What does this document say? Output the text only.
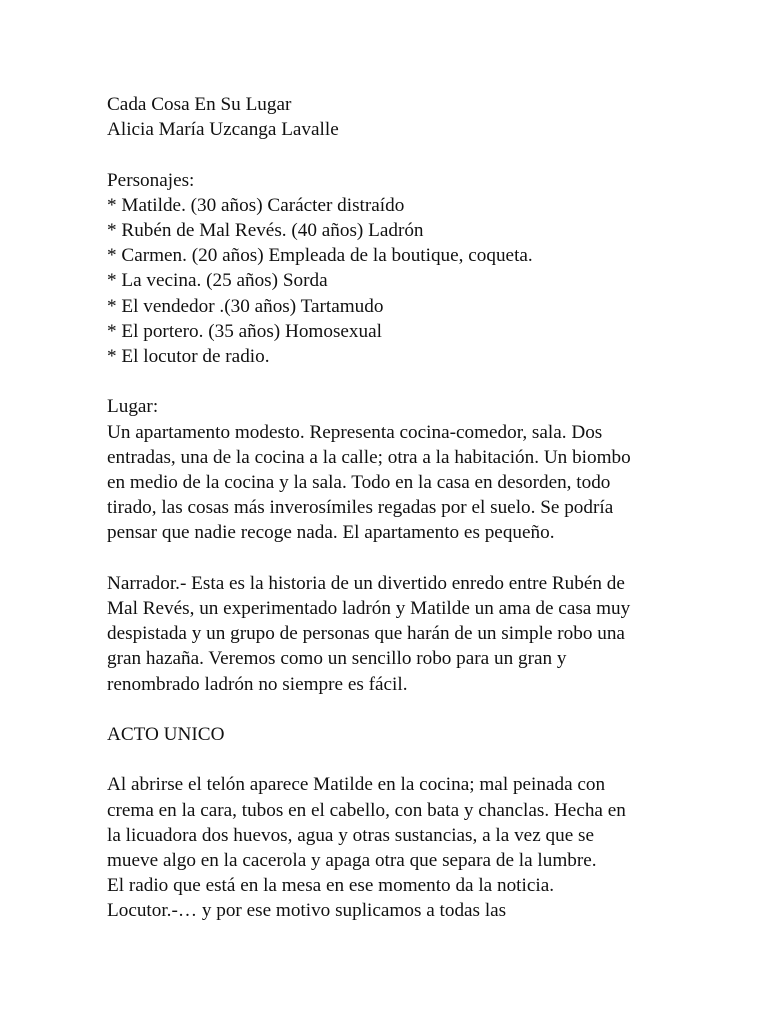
Cada Cosa En Su Lugar
Alicia María Uzcanga Lavalle
Personajes:
* Matilde. (30 años) Carácter distraído
* Rubén de Mal Revés. (40 años) Ladrón
* Carmen. (20 años) Empleada de la boutique, coqueta.
* La vecina. (25 años) Sorda
* El vendedor .(30 años) Tartamudo
* El portero. (35 años) Homosexual
* El locutor de radio.
Lugar:
Un apartamento modesto. Representa cocina-comedor, sala. Dos
entradas, una de la cocina a la calle; otra a la habitación. Un biombo
en medio de la cocina y la sala. Todo en la casa en desorden, todo
tirado, las cosas más inverosímiles regadas por el suelo. Se podría
pensar que nadie recoge nada. El apartamento es pequeño.
Narrador.- Esta es la historia de un divertido enredo entre Rubén de
Mal Revés, un experimentado ladrón y Matilde un ama de casa muy
despistada y un grupo de personas que harán de un simple robo una
gran hazaña. Veremos como un sencillo robo para un gran y
renombrado ladrón no siempre es fácil.
ACTO UNICO
Al abrirse el telón aparece Matilde en la cocina; mal peinada con
crema en la cara, tubos en el cabello, con bata y chanclas. Hecha en
la licuadora dos huevos, agua y otras sustancias, a la vez que se
mueve algo en la cacerola y apaga otra que separa de la lumbre.
El radio que está en la mesa en ese momento da la noticia.
Locutor.-… y por ese motivo suplicamos a todas las
